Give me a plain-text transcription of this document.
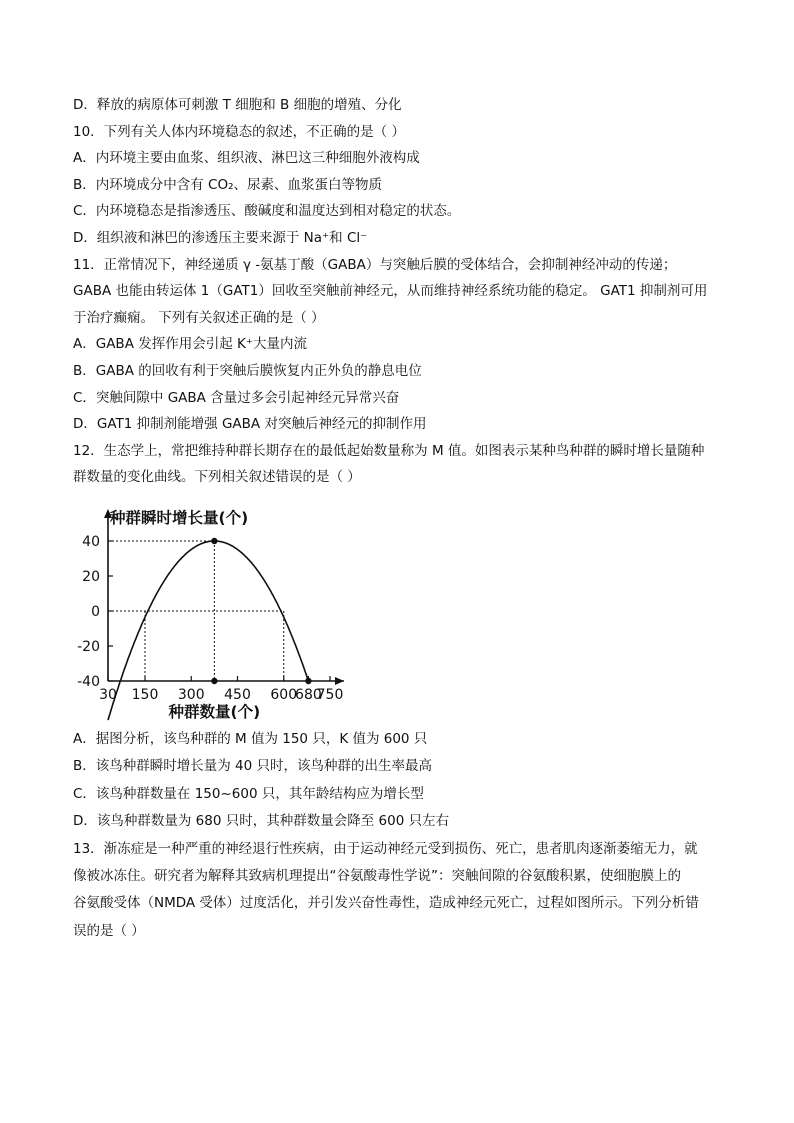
D．释放的病原体可刺激 T 细胞和 B 细胞的增殖、分化
10．下列有关人体内环境稳态的叙述，不正确的是（ ）
A．内环境主要由血浆、组织液、淋巴这三种细胞外液构成
B．内环境成分中含有 CO₂、尿素、血浆蛋白等物质
C．内环境稳态是指渗透压、酸碱度和温度达到相对稳定的状态。
D．组织液和淋巴的渗透压主要来源于 Na⁺和 Cl⁻
11．正常情况下，神经递质 γ -氨基丁酸（GABA）与突触后膜的受体结合，会抑制神经冲动的传递；
GABA 也能由转运体 1（GAT1）回收至突触前神经元，从而维持神经系统功能的稳定。 GAT1 抑制剂可用
于治疗癫痫。 下列有关叙述正确的是（ ）
A．GABA 发挥作用会引起 K⁺大量内流
B．GABA 的回收有利于突触后膜恢复内正外负的静息电位
C．突触间隙中 GABA 含量过多会引起神经元异常兴奋
D．GAT1 抑制剂能增强 GABA 对突触后神经元的抑制作用
12．生态学上，常把维持种群长期存在的最低起始数量称为 M 值。如图表示某种鸟种群的瞬时增长量随种
群数量的变化曲线。下列相关叙述错误的是（ ）
40
20
0
-20
-40
30 150 300 450 600
680
750
种群瞬时增长量(个)
种群数量(个)
A．据图分析，该鸟种群的 M 值为 150 只，K 值为 600 只
B．该鸟种群瞬时增长量为 40 只时，该鸟种群的出生率最高
C．该鸟种群数量在 150~600 只，其年龄结构应为增长型
D．该鸟种群数量为 680 只时，其种群数量会降至 600 只左右
13．渐冻症是一种严重的神经退行性疾病，由于运动神经元受到损伤、死亡，患者肌肉逐渐萎缩无力，就
像被冰冻住。研究者为解释其致病机理提出“谷氨酸毒性学说”：突触间隙的谷氨酸积累，使细胞膜上的
谷氨酸受体（NMDA 受体）过度活化，并引发兴奋性毒性，造成神经元死亡，过程如图所示。下列分析错
误的是（ ）
